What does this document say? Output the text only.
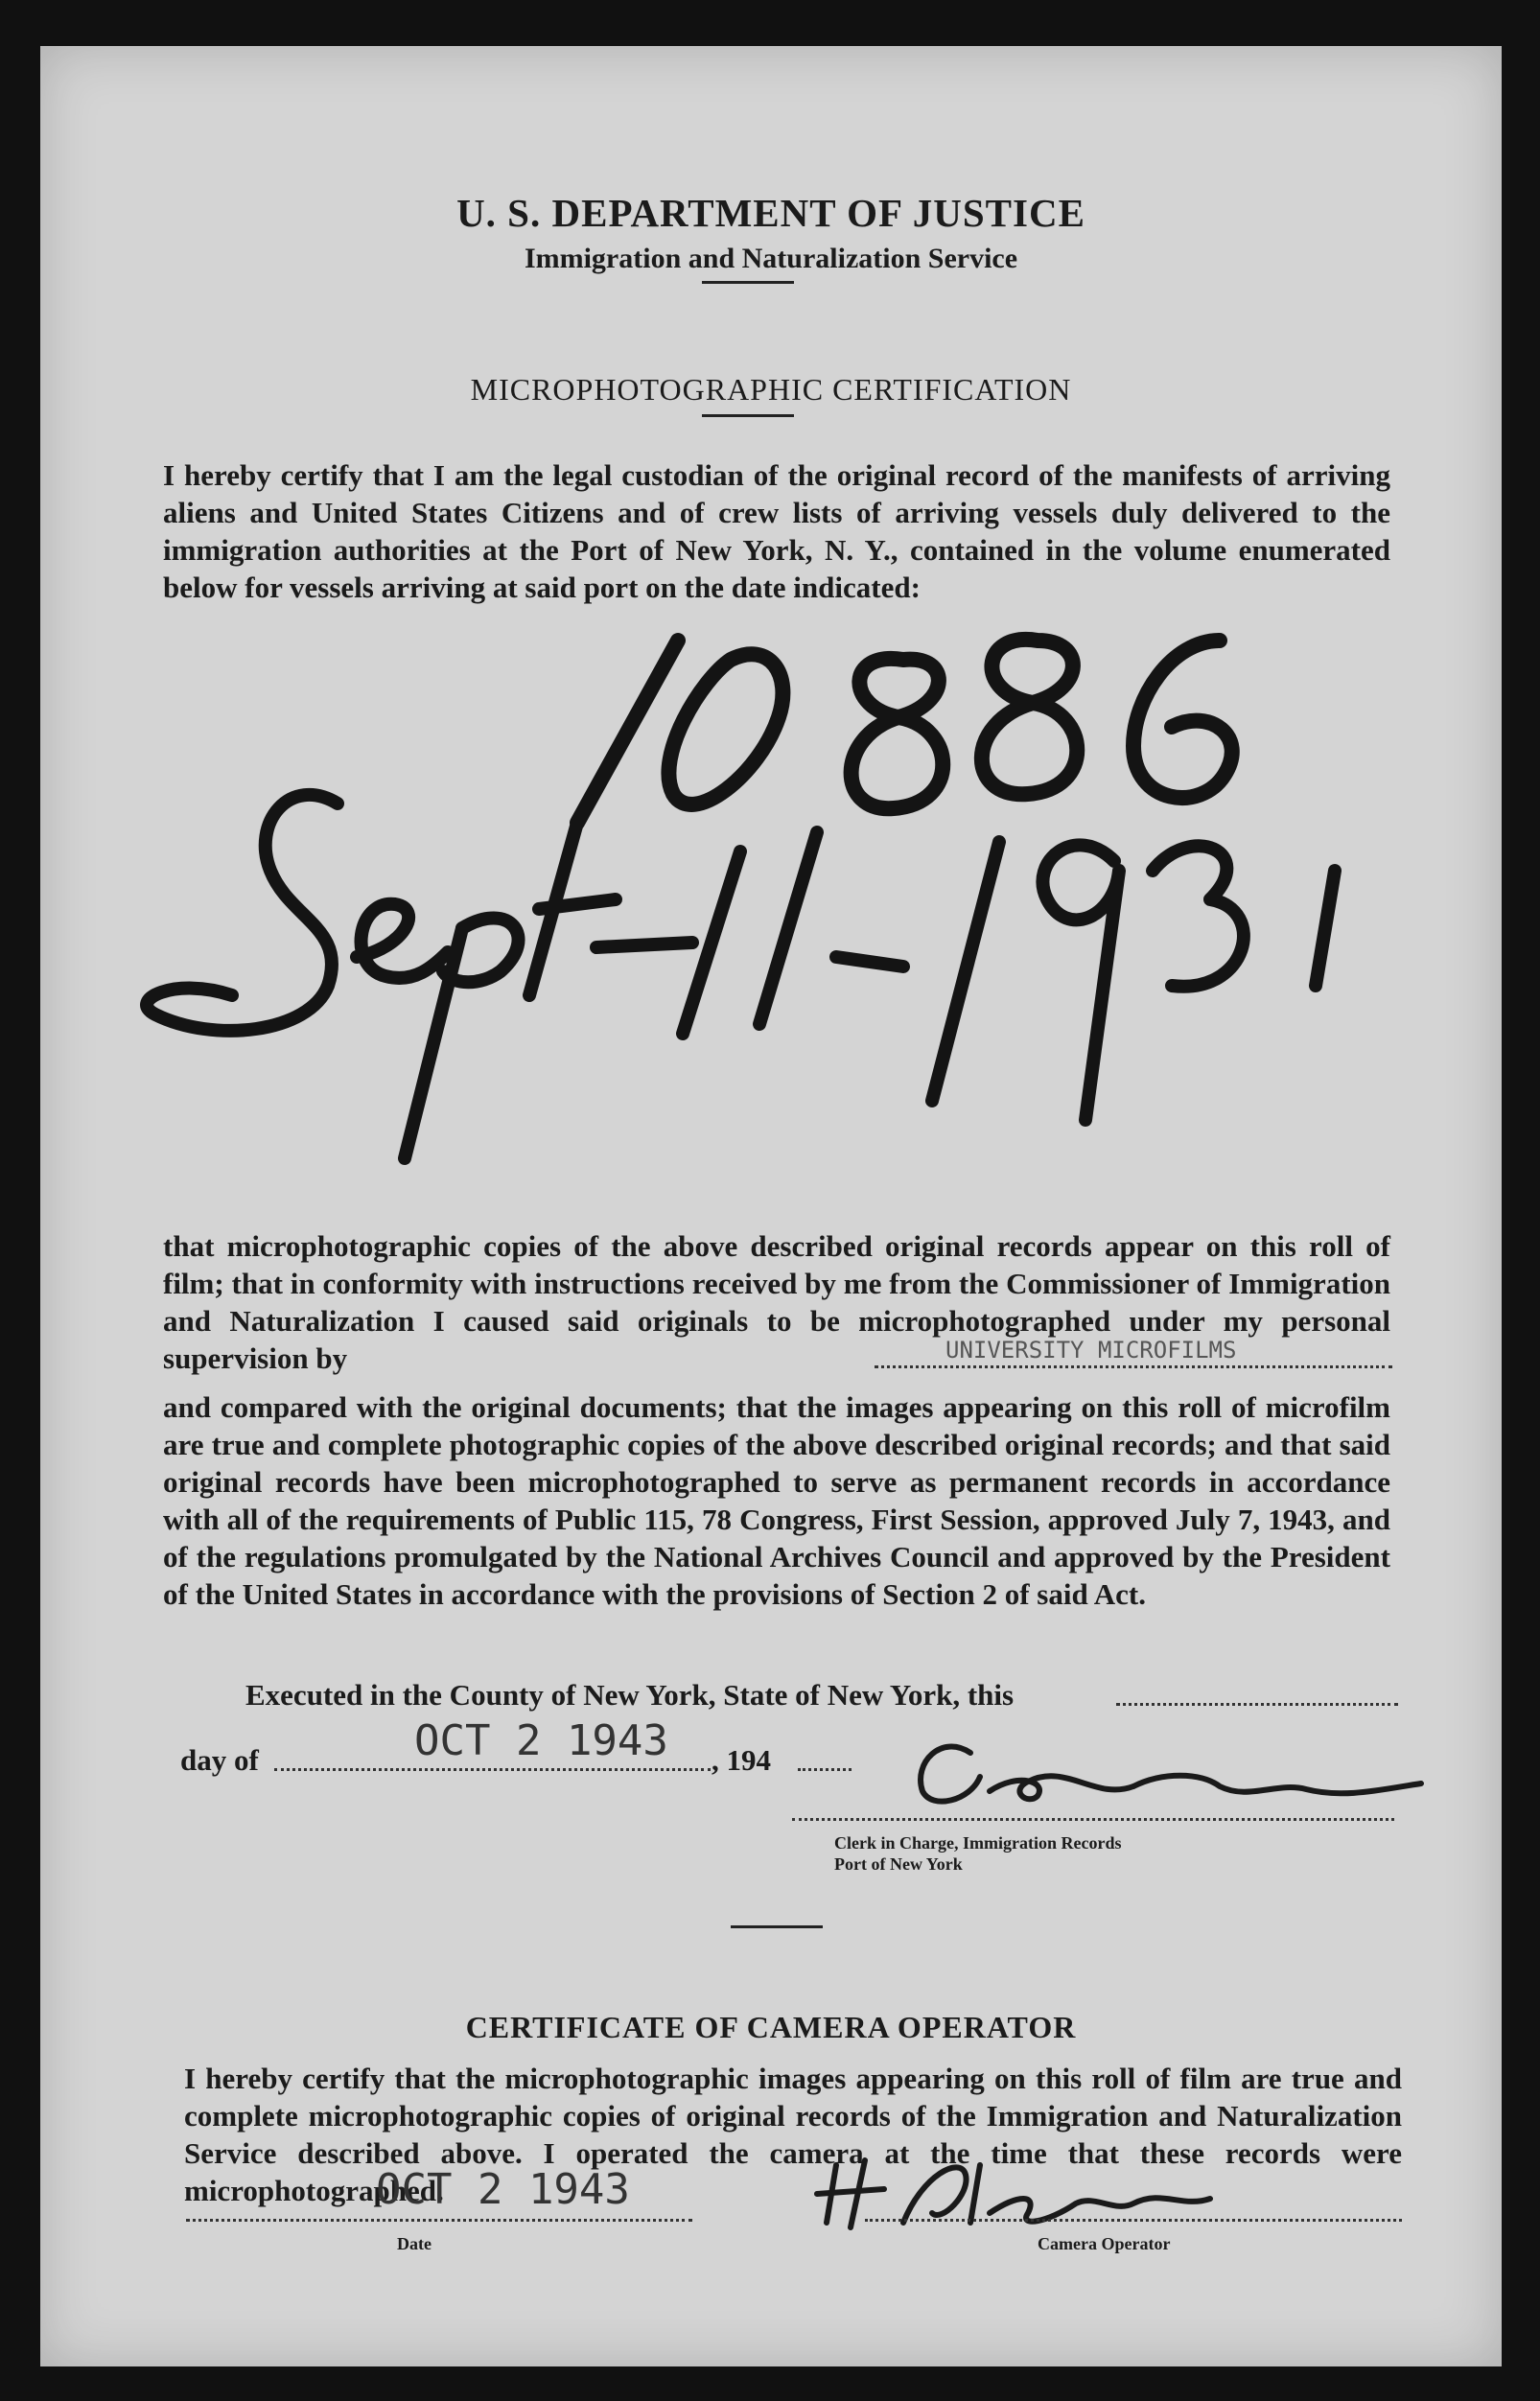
U. S. DEPARTMENT OF JUSTICE
Immigration and Naturalization Service
MICROPHOTOGRAPHIC CERTIFICATION
I hereby certify that I am the legal custodian of the original record of the manifests of arriving aliens and United States Citizens and of crew lists of arriving vessels duly delivered to the immigration authorities at the Port of New York, N. Y., contained in the volume enumerated below for vessels arriving at said port on the date indicated:
that microphotographic copies of the above described original records appear on this roll of film; that in conformity with instructions received by me from the Commissioner of Immigration and Naturalization I caused said originals to be microphotographed under my personal supervision by	UNIVERSITY MICROFILMS
and compared with the original documents; that the images appearing on this roll of microfilm are true and complete photographic copies of the above described original records; and that said original records have been microphotographed to serve as permanent records in accordance with all of the requirements of Public 115, 78 Congress, First Session, approved July 7, 1943, and of the regulations promulgated by the National Archives Council and approved by the President of the United States in accordance with the provisions of Section 2 of said Act.
Executed in the County of New York, State of New York, this
day of	OCT 2 1943 , 194
Clerk in Charge, Immigration Records
Port of New York
CERTIFICATE OF CAMERA OPERATOR
I hereby certify that the microphotographic images appearing on this roll of film are true and complete microphotographic copies of original records of the Immigration and Naturalization Service described above. I operated the camera at the time that these records were microphotographed.
OCT 2 1943
Date	Camera Operator
